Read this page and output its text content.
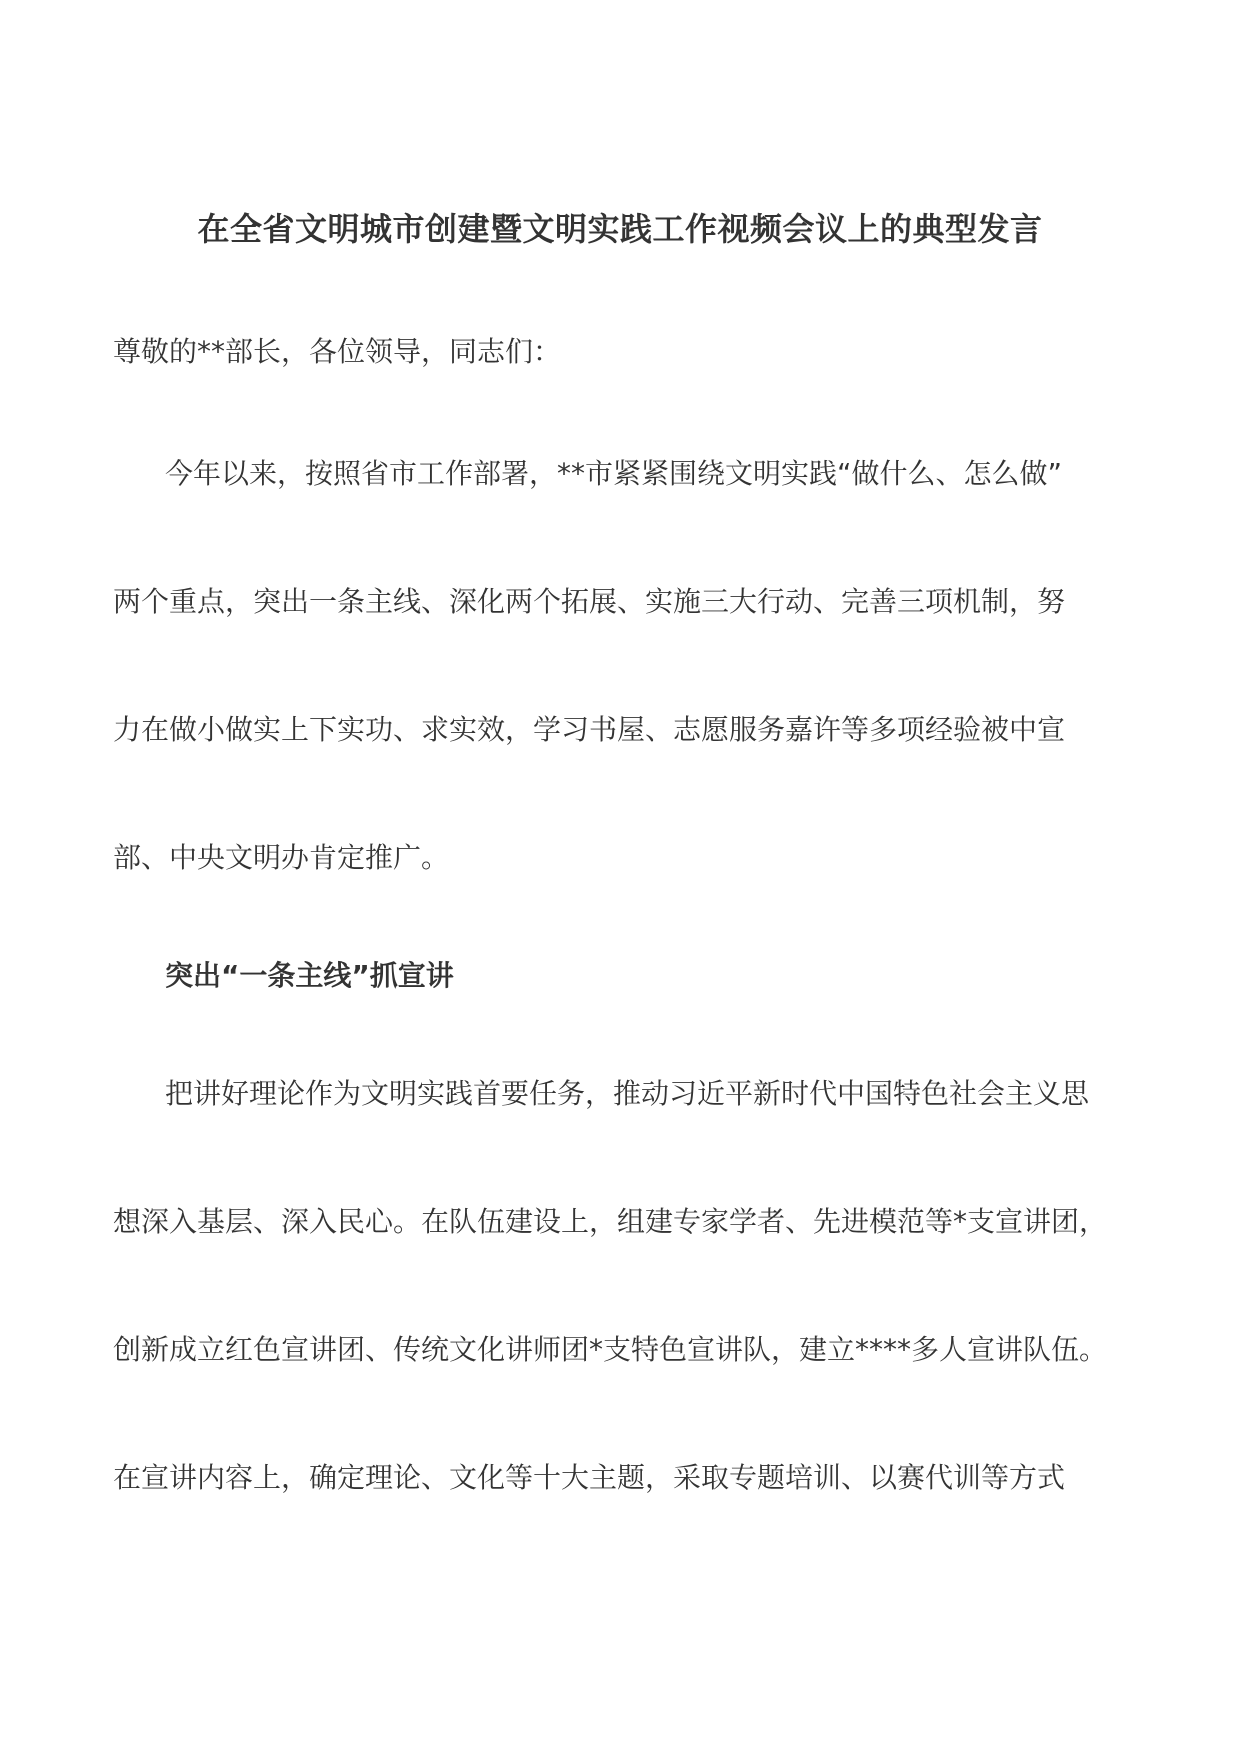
在全省文明城市创建暨文明实践工作视频会议上的典型发言
尊敬的**部长，各位领导，同志们：
今年以来，按照省市工作部署，**市紧紧围绕文明实践“做什么、怎么做”
两个重点，突出一条主线、深化两个拓展、实施三大行动、完善三项机制，努
力在做小做实上下实功、求实效，学习书屋、志愿服务嘉许等多项经验被中宣
部、中央文明办肯定推广。
突出“一条主线”抓宣讲
把讲好理论作为文明实践首要任务，推动习近平新时代中国特色社会主义思
想深入基层、深入民心。在队伍建设上，组建专家学者、先进模范等*支宣讲团，
创新成立红色宣讲团、传统文化讲师团*支特色宣讲队，建立****多人宣讲队伍。
在宣讲内容上，确定理论、文化等十大主题，采取专题培训、以赛代训等方式
